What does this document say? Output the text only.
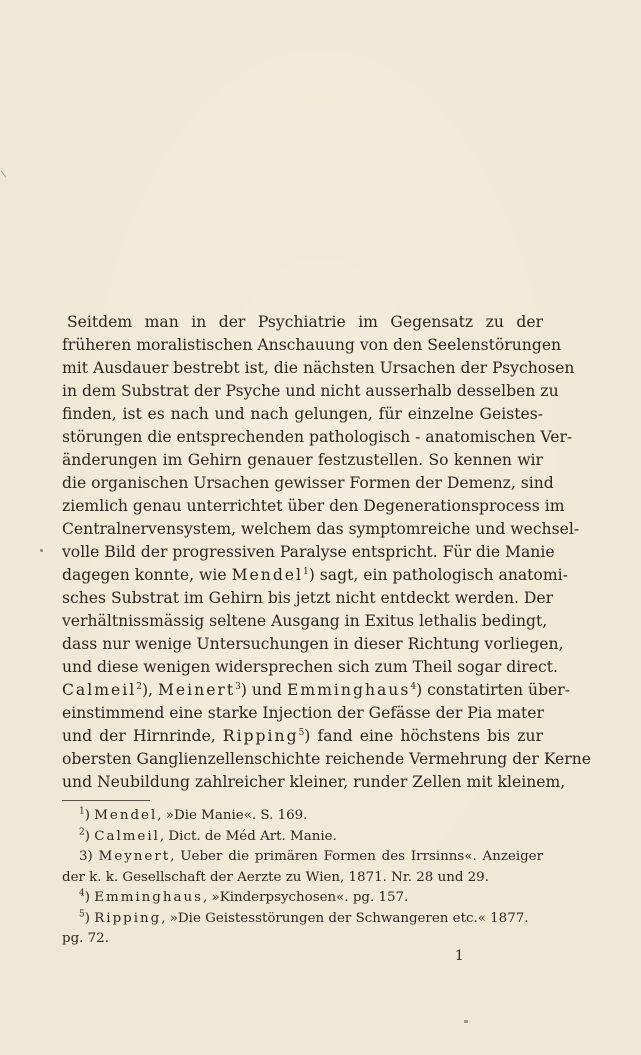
Seitdem man in der Psychiatrie im Gegensatz zu der
früheren moralistischen Anschauung von den Seelenstörungen
mit Ausdauer bestrebt ist, die nächsten Ursachen der Psychosen
in dem Substrat der Psyche und nicht ausserhalb desselben zu
finden, ist es nach und nach gelungen, für einzelne Geistes-
störungen die entsprechenden pathologisch - anatomischen Ver-
änderungen im Gehirn genauer festzustellen. So kennen wir
die organischen Ursachen gewisser Formen der Demenz, sind
ziemlich genau unterrichtet über den Degenerationsprocess im
Centralnervensystem, welchem das symptomreiche und wechsel-
volle Bild der progressiven Paralyse entspricht. Für die Manie
dagegen konnte, wie Mendel$^1$) sagt, ein pathologisch anatomi-
sches Substrat im Gehirn bis jetzt nicht entdeckt werden. Der
verhältnissmässig seltene Ausgang in Exitus lethalis bedingt,
dass nur wenige Untersuchungen in dieser Richtung vorliegen,
und diese wenigen widersprechen sich zum Theil sogar direct.
Calmeil$^2$), Meinert$^3$) und Emminghaus$^4$) constatirten über-
einstimmend eine starke Injection der Gefässe der Pia mater
und der Hirnrinde, Ripping$^5$) fand eine höchstens bis zur
obersten Ganglienzellenschichte reichende Vermehrung der Kerne
und Neubildung zahlreicher kleiner, runder Zellen mit kleinem,
$^1$) Mendel, »Die Manie«. S. 169.
$^2$) Calmeil, Dict. de Méd Art. Manie.
3) Meynert, Ueber die primären Formen des Irrsinns«. Anzeiger
der k. k. Gesellschaft der Aerzte zu Wien, 1871. Nr. 28 und 29.
$^4$) Emminghaus, »Kinderpsychosen«. pg. 157.
$^5$) Ripping, »Die Geistesstörungen der Schwangeren etc.« 1877.
pg. 72.
1
